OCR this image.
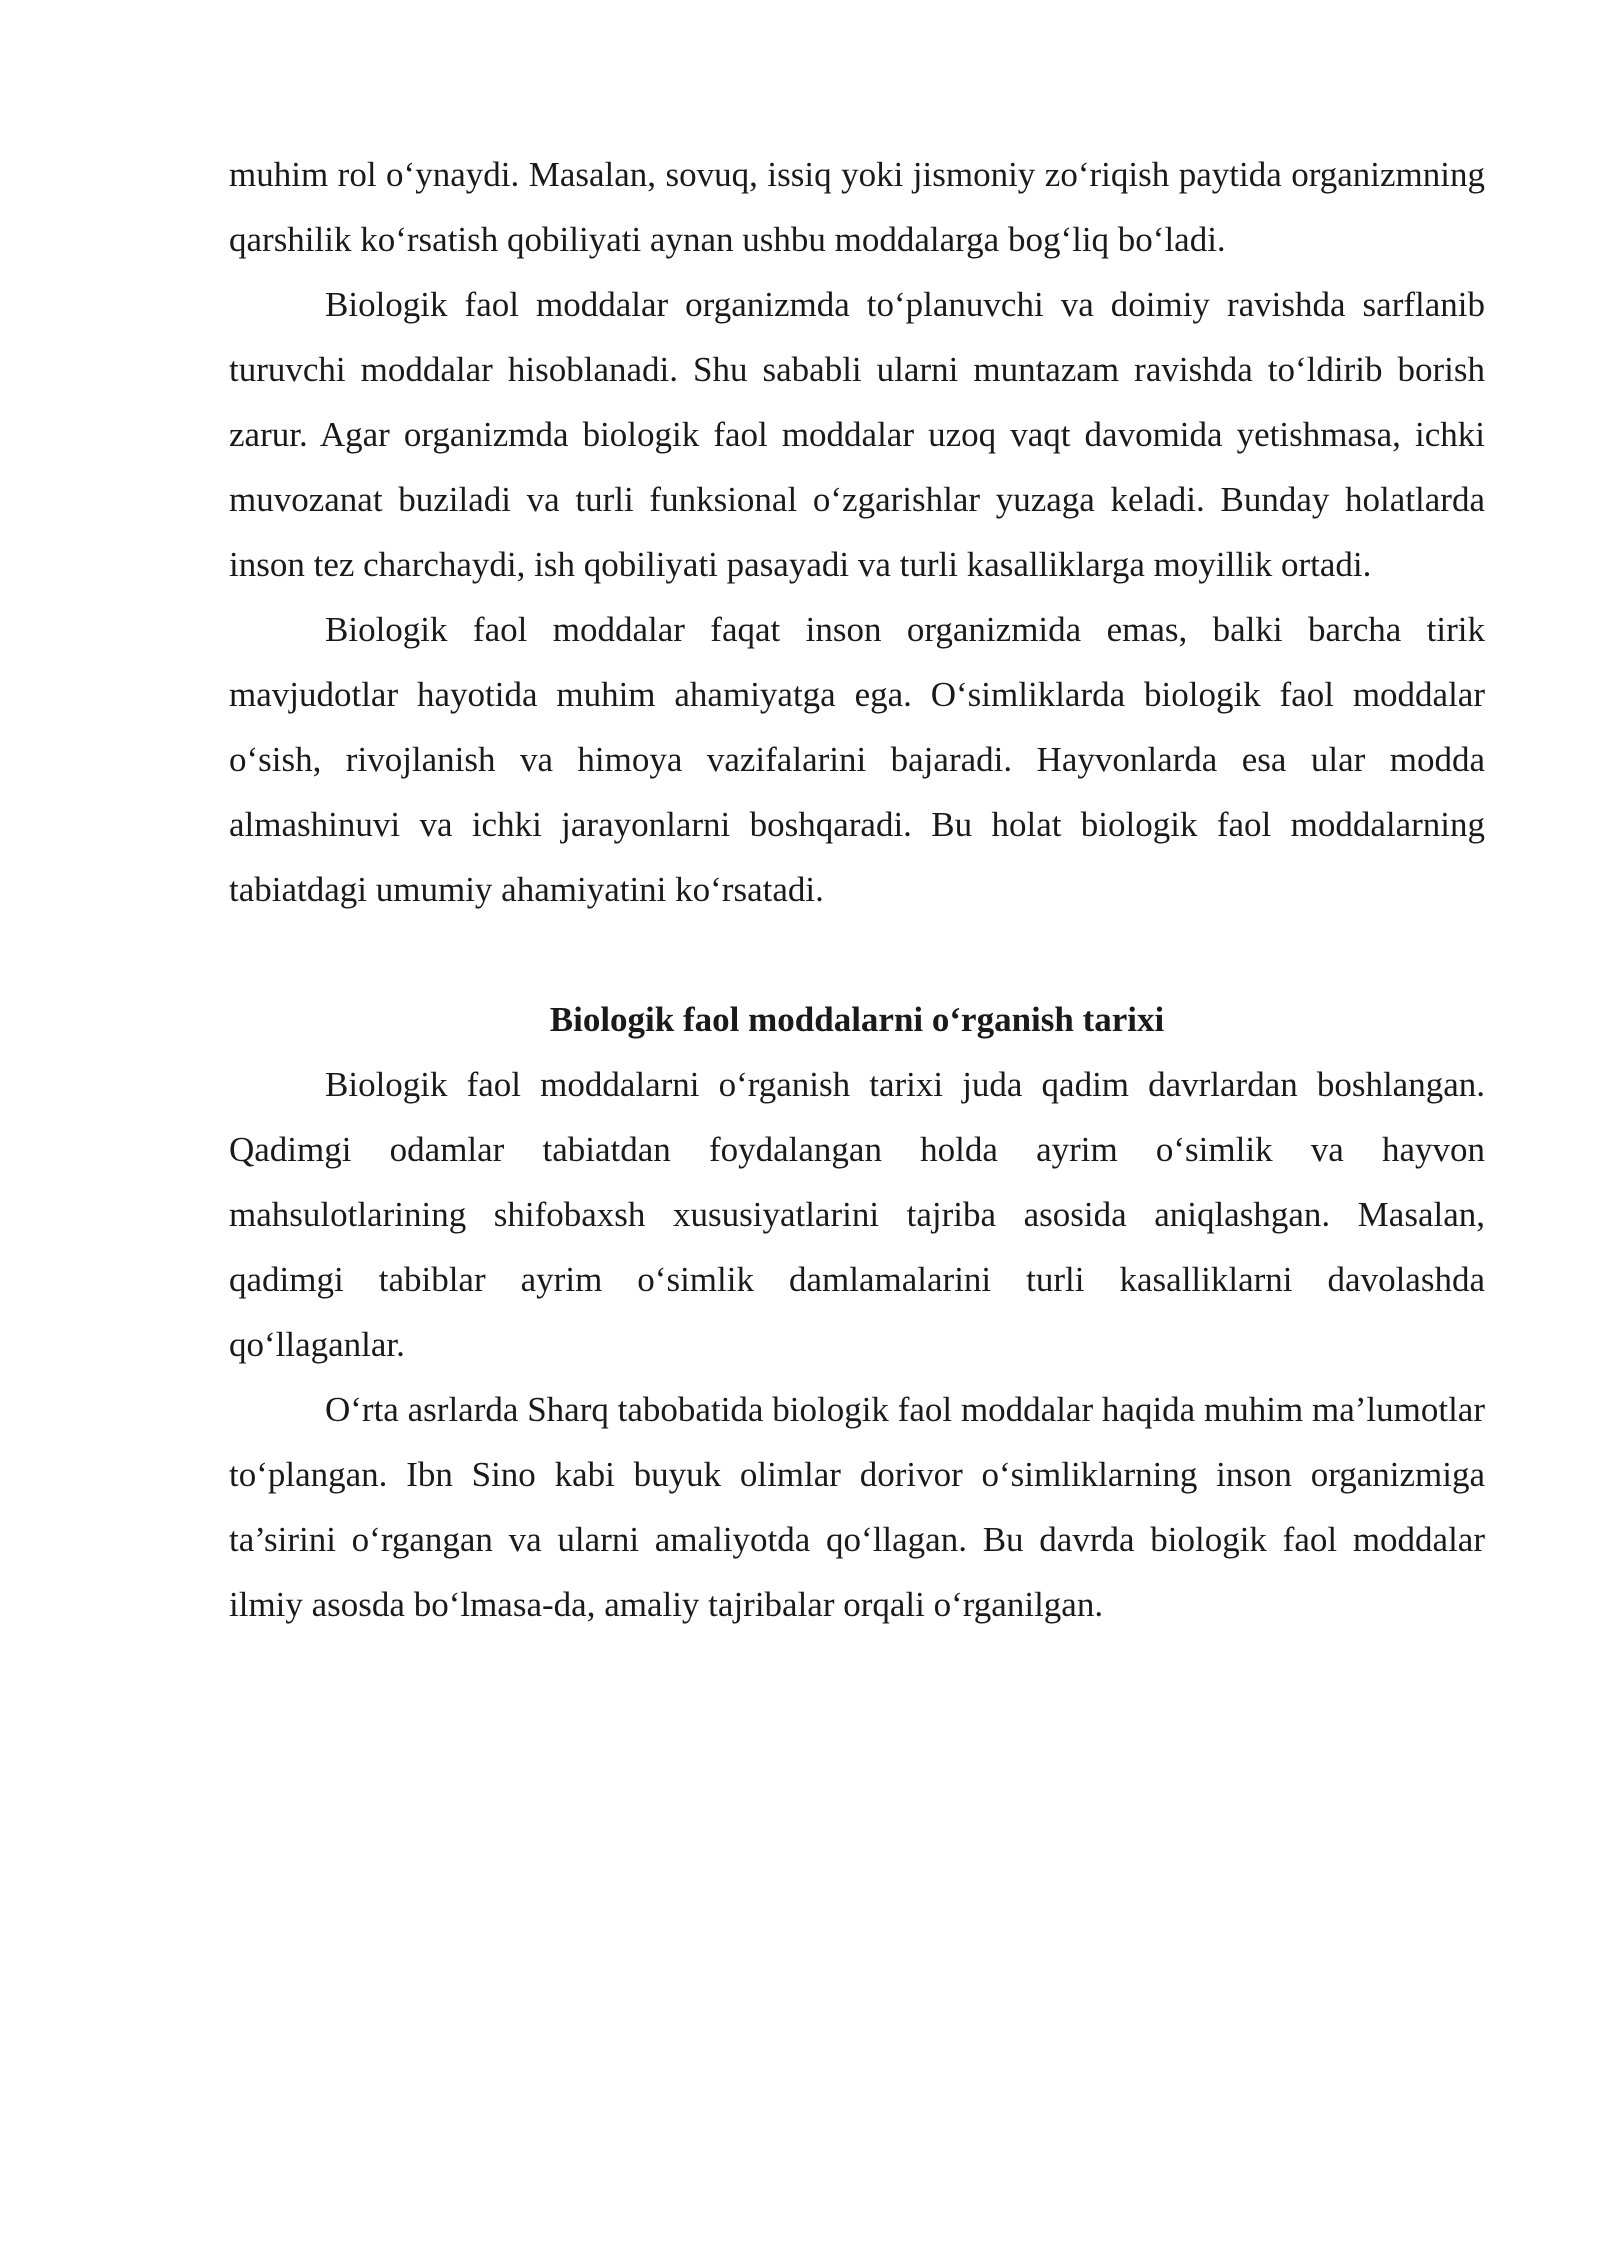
muhim rol o‘ynaydi. Masalan, sovuq, issiq yoki jismoniy zo‘riqish paytida organizmning qarshilik ko‘rsatish qobiliyati aynan ushbu moddalarga bog‘liq bo‘ladi.

Biologik faol moddalar organizmda to‘planuvchi va doimiy ravishda sarflanib turuvchi moddalar hisoblanadi. Shu sababli ularni muntazam ravishda to‘ldirib borish zarur. Agar organizmda biologik faol moddalar uzoq vaqt davomida yetishmasa, ichki muvozanat buziladi va turli funksional o‘zgarishlar yuzaga keladi. Bunday holatlarda inson tez charchaydi, ish qobiliyati pasayadi va turli kasalliklarga moyillik ortadi.

Biologik faol moddalar faqat inson organizmida emas, balki barcha tirik mavjudotlar hayotida muhim ahamiyatga ega. O‘simliklarda biologik faol moddalar o‘sish, rivojlanish va himoya vazifalarini bajaradi. Hayvonlarda esa ular modda almashinuvi va ichki jarayonlarni boshqaradi. Bu holat biologik faol moddalarning tabiatdagi umumiy ahamiyatini ko‘rsatadi.

Biologik faol moddalarni o‘rganish tarixi

Biologik faol moddalarni o‘rganish tarixi juda qadim davrlardan boshlangan. Qadimgi odamlar tabiatdan foydalangan holda ayrim o‘simlik va hayvon mahsulotlarining shifobaxsh xususiyatlarini tajriba asosida aniqlashgan. Masalan, qadimgi tabiblar ayrim o‘simlik damlamalarini turli kasalliklarni davolashda qo‘llaganlar.

O‘rta asrlarda Sharq tabobatida biologik faol moddalar haqida muhim ma’lumotlar to‘plangan. Ibn Sino kabi buyuk olimlar dorivor o‘simliklarning inson organizmiga ta’sirini o‘rgangan va ularni amaliyotda qo‘llagan. Bu davrda biologik faol moddalar ilmiy asosda bo‘lmasa-da, amaliy tajribalar orqali o‘rganilgan.
